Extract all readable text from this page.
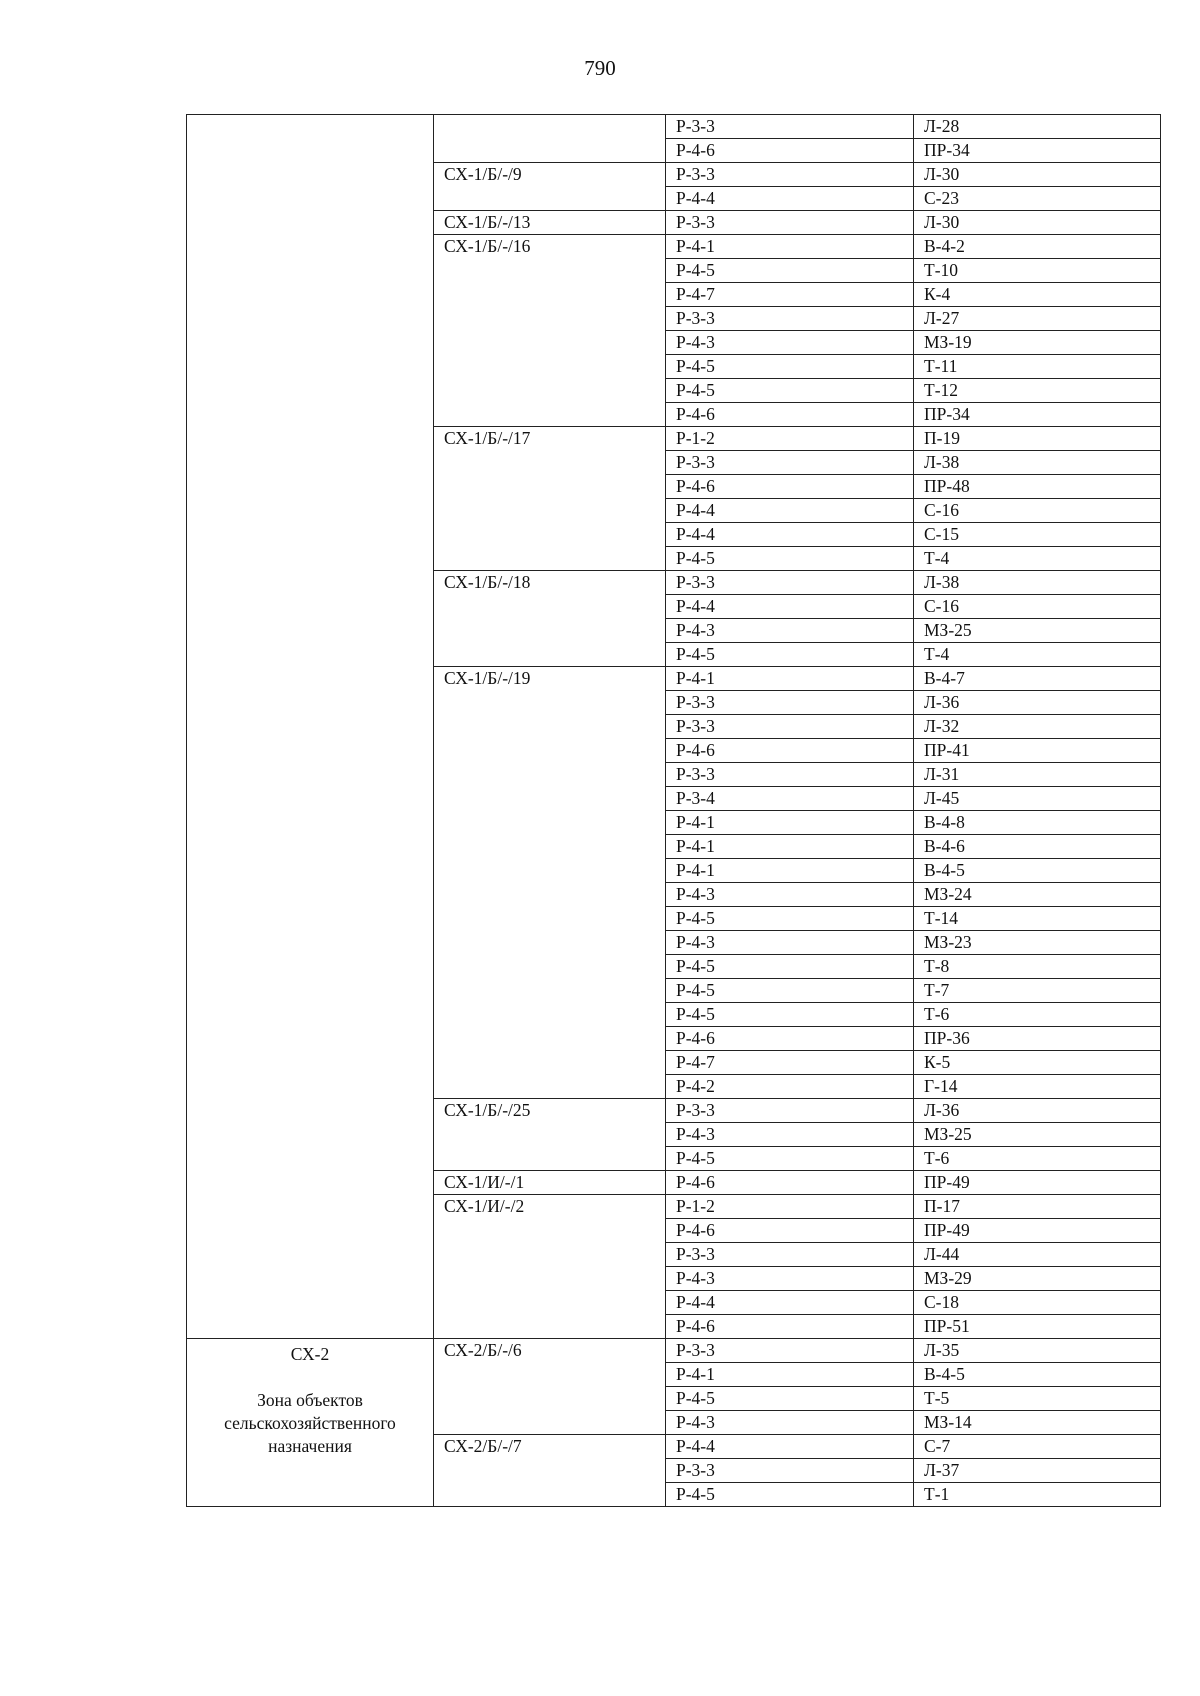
790
		Р-3-3	Л-28
		Р-4-6	ПР-34
	СХ-1/Б/-/9	Р-3-3	Л-30
		Р-4-4	С-23
	СХ-1/Б/-/13	Р-3-3	Л-30
	СХ-1/Б/-/16	Р-4-1	В-4-2
		Р-4-5	Т-10
		Р-4-7	К-4
		Р-3-3	Л-27
		Р-4-3	МЗ-19
		Р-4-5	Т-11
		Р-4-5	Т-12
		Р-4-6	ПР-34
	СХ-1/Б/-/17	Р-1-2	П-19
		Р-3-3	Л-38
		Р-4-6	ПР-48
		Р-4-4	С-16
		Р-4-4	С-15
		Р-4-5	Т-4
	СХ-1/Б/-/18	Р-3-3	Л-38
		Р-4-4	С-16
		Р-4-3	МЗ-25
		Р-4-5	Т-4
	СХ-1/Б/-/19	Р-4-1	В-4-7
		Р-3-3	Л-36
		Р-3-3	Л-32
		Р-4-6	ПР-41
		Р-3-3	Л-31
		Р-3-4	Л-45
		Р-4-1	В-4-8
		Р-4-1	В-4-6
		Р-4-1	В-4-5
		Р-4-3	МЗ-24
		Р-4-5	Т-14
		Р-4-3	МЗ-23
		Р-4-5	Т-8
		Р-4-5	Т-7
		Р-4-5	Т-6
		Р-4-6	ПР-36
		Р-4-7	К-5
		Р-4-2	Г-14
	СХ-1/Б/-/25	Р-3-3	Л-36
		Р-4-3	МЗ-25
		Р-4-5	Т-6
	СХ-1/И/-/1	Р-4-6	ПР-49
	СХ-1/И/-/2	Р-1-2	П-17
		Р-4-6	ПР-49
		Р-3-3	Л-44
		Р-4-3	МЗ-29
		Р-4-4	С-18
		Р-4-6	ПР-51

СХ-2
Зона объектов сельскохозяйственного назначения	СХ-2/Б/-/6	Р-3-3	Л-35
		Р-4-1	В-4-5
		Р-4-5	Т-5
		Р-4-3	МЗ-14
	СХ-2/Б/-/7	Р-4-4	С-7
		Р-3-3	Л-37
		Р-4-5	Т-1
